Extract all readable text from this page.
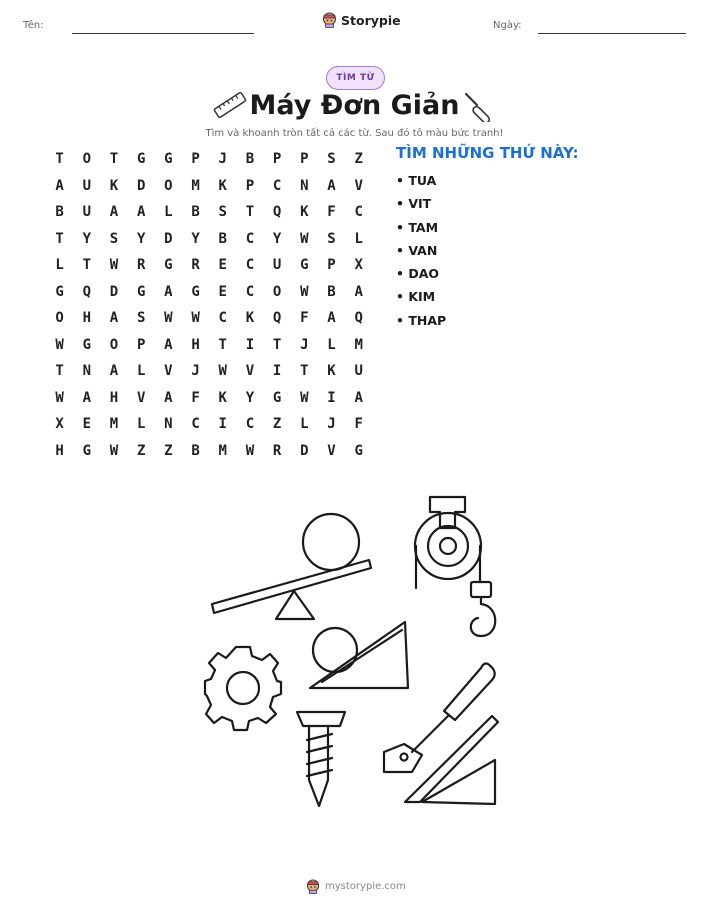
Tên:	Storypie	Ngày:
TÌM TỪ
Máy Đơn Giản
Tìm và khoanh tròn tất cả các từ. Sau đó tô màu bức tranh!
T	O	T	G	G	P	J	B	P	P	S	Z
A	U	K	D	O	M	K	P	C	N	A	V
B	U	A	A	L	B	S	T	Q	K	F	C
T	Y	S	Y	D	Y	B	C	Y	W	S	L
L	T	W	R	G	R	E	C	U	G	P	X
G	Q	D	G	A	G	E	C	O	W	B	A
O	H	A	S	W	W	C	K	Q	F	A	Q
W	G	O	P	A	H	T	I	T	J	L	M
T	N	A	L	V	J	W	V	I	T	K	U
W	A	H	V	A	F	K	Y	G	W	I	A
X	E	M	L	N	C	I	C	Z	L	J	F
H	G	W	Z	Z	B	M	W	R	D	V	G
TÌM NHỮNG THỨ NÀY:
• TUA
• VIT
• TAM
• VAN
• DAO
• KIM
• THAP
mystorypie.com
